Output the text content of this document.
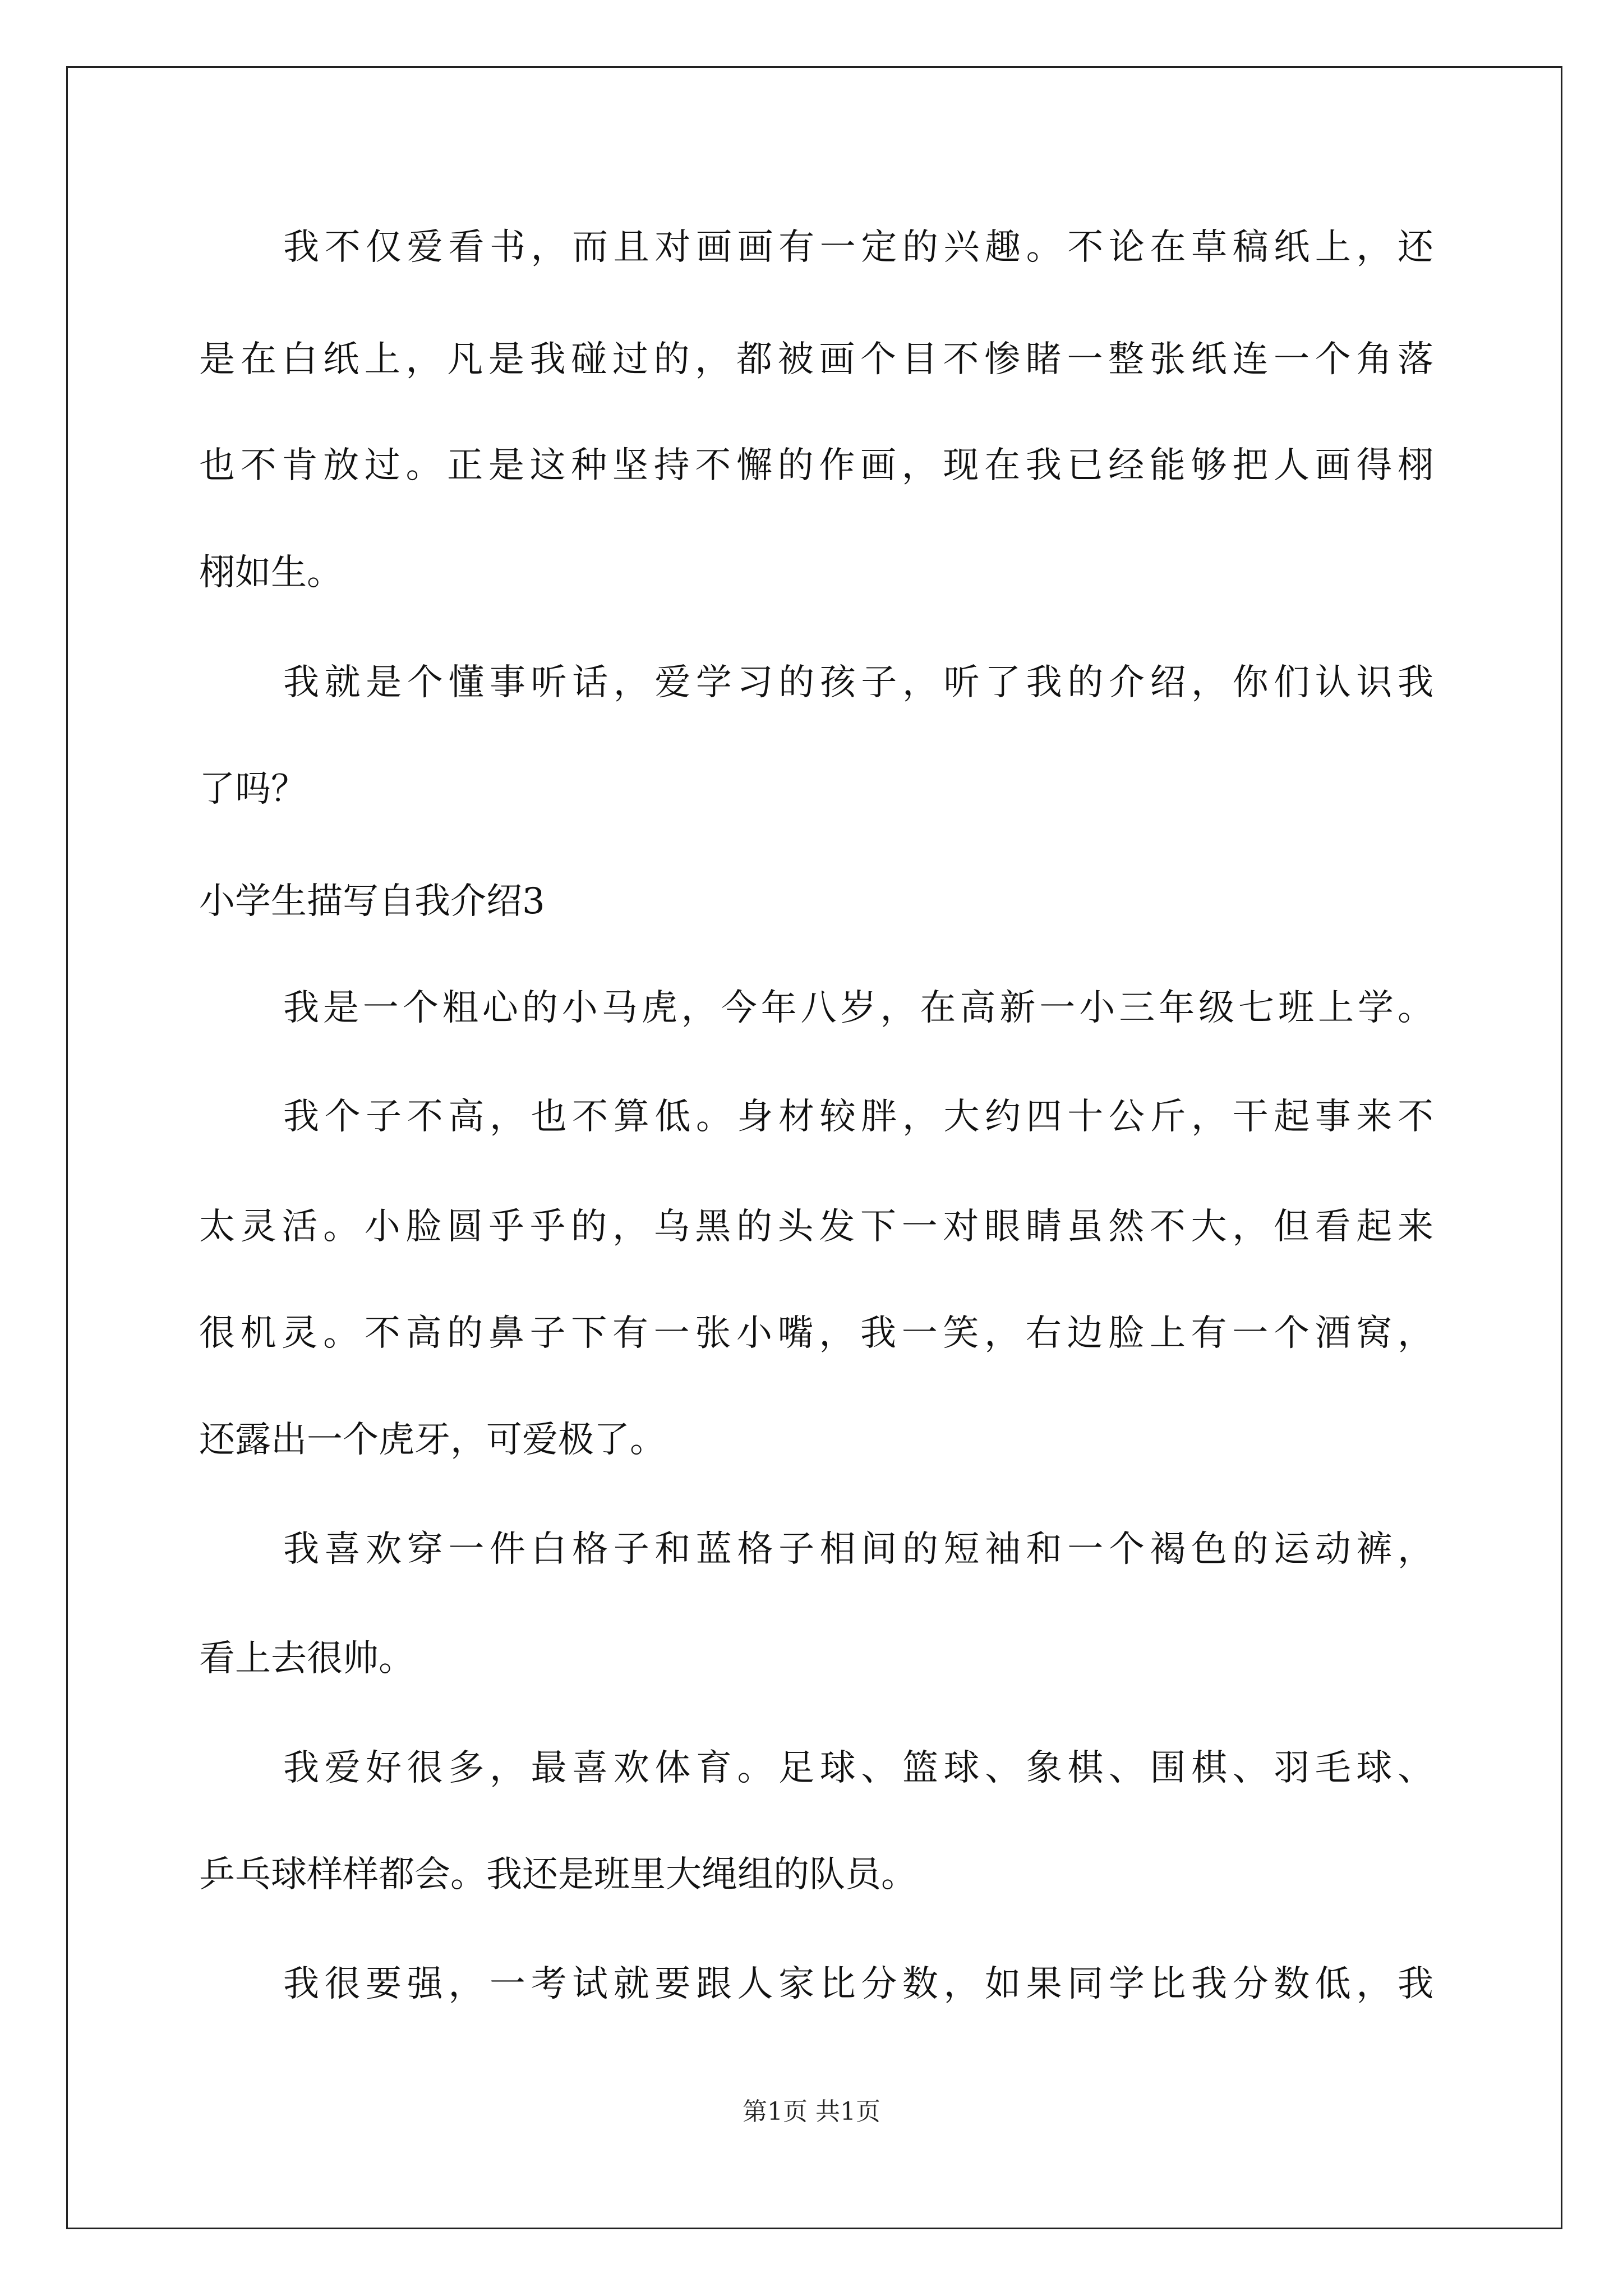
我不仅爱看书，而且对画画有一定的兴趣。不论在草稿纸上，还
是在白纸上，凡是我碰过的，都被画个目不惨睹一整张纸连一个角落
也不肯放过。正是这种坚持不懈的作画，现在我已经能够把人画得栩
栩如生。
我就是个懂事听话，爱学习的孩子，听了我的介绍，你们认识我
了吗？
小学生描写自我介绍3
我是一个粗心的小马虎，今年八岁，在高新一小三年级七班上学。
我个子不高，也不算低。身材较胖，大约四十公斤，干起事来不
太灵活。小脸圆乎乎的，乌黑的头发下一对眼睛虽然不大，但看起来
很机灵。不高的鼻子下有一张小嘴，我一笑，右边脸上有一个酒窝，
还露出一个虎牙，可爱极了。
我喜欢穿一件白格子和蓝格子相间的短袖和一个褐色的运动裤，
看上去很帅。
我爱好很多，最喜欢体育。足球、篮球、象棋、围棋、羽毛球、
乒乓球样样都会。我还是班里大绳组的队员。
我很要强，一考试就要跟人家比分数，如果同学比我分数低，我
第1页 共1页
